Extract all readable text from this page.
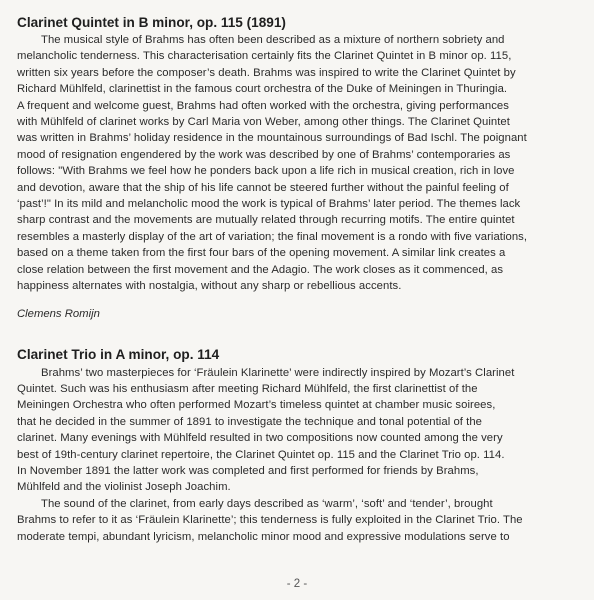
Clarinet Quintet in B minor, op. 115 (1891)

The musical style of Brahms has often been described as a mixture of northern sobriety and
melancholic tenderness. This characterisation certainly fits the Clarinet Quintet in B minor op. 115,
written six years before the composer’s death. Brahms was inspired to write the Clarinet Quintet by
Richard Mühlfeld, clarinettist in the famous court orchestra of the Duke of Meiningen in Thuringia.
A frequent and welcome guest, Brahms had often worked with the orchestra, giving performances
with Mühlfeld of clarinet works by Carl Maria von Weber, among other things. The Clarinet Quintet
was written in Brahms’ holiday residence in the mountainous surroundings of Bad Ischl. The poignant
mood of resignation engendered by the work was described by one of Brahms’ contemporaries as
follows: "With Brahms we feel how he ponders back upon a life rich in musical creation, rich in love
and devotion, aware that the ship of his life cannot be steered further without the painful feeling of
‘past’!" In its mild and melancholic mood the work is typical of Brahms’ later period. The themes lack
sharp contrast and the movements are mutually related through recurring motifs. The entire quintet
resembles a masterly display of the art of variation; the final movement is a rondo with five variations,
based on a theme taken from the first four bars of the opening movement. A similar link creates a
close relation between the first movement and the Adagio. The work closes as it commenced, as
happiness alternates with nostalgia, without any sharp or rebellious accents.

Clemens Romijn

Clarinet Trio in A minor, op. 114

Brahms’ two masterpieces for ‘Fräulein Klarinette’ were indirectly inspired by Mozart’s Clarinet
Quintet. Such was his enthusiasm after meeting Richard Mühlfeld, the first clarinettist of the
Meiningen Orchestra who often performed Mozart’s timeless quintet at chamber music soirees,
that he decided in the summer of 1891 to investigate the technique and tonal potential of the
clarinet. Many evenings with Mühlfeld resulted in two compositions now counted among the very
best of 19th-century clarinet repertoire, the Clarinet Quintet op. 115 and the Clarinet Trio op. 114.
In November 1891 the latter work was completed and first performed for friends by Brahms,
Mühlfeld and the violinist Joseph Joachim.

The sound of the clarinet, from early days described as ‘warm’, ‘soft’ and ‘tender’, brought
Brahms to refer to it as ‘Fräulein Klarinette’; this tenderness is fully exploited in the Clarinet Trio. The
moderate tempi, abundant lyricism, melancholic minor mood and expressive modulations serve to

- 2 -
